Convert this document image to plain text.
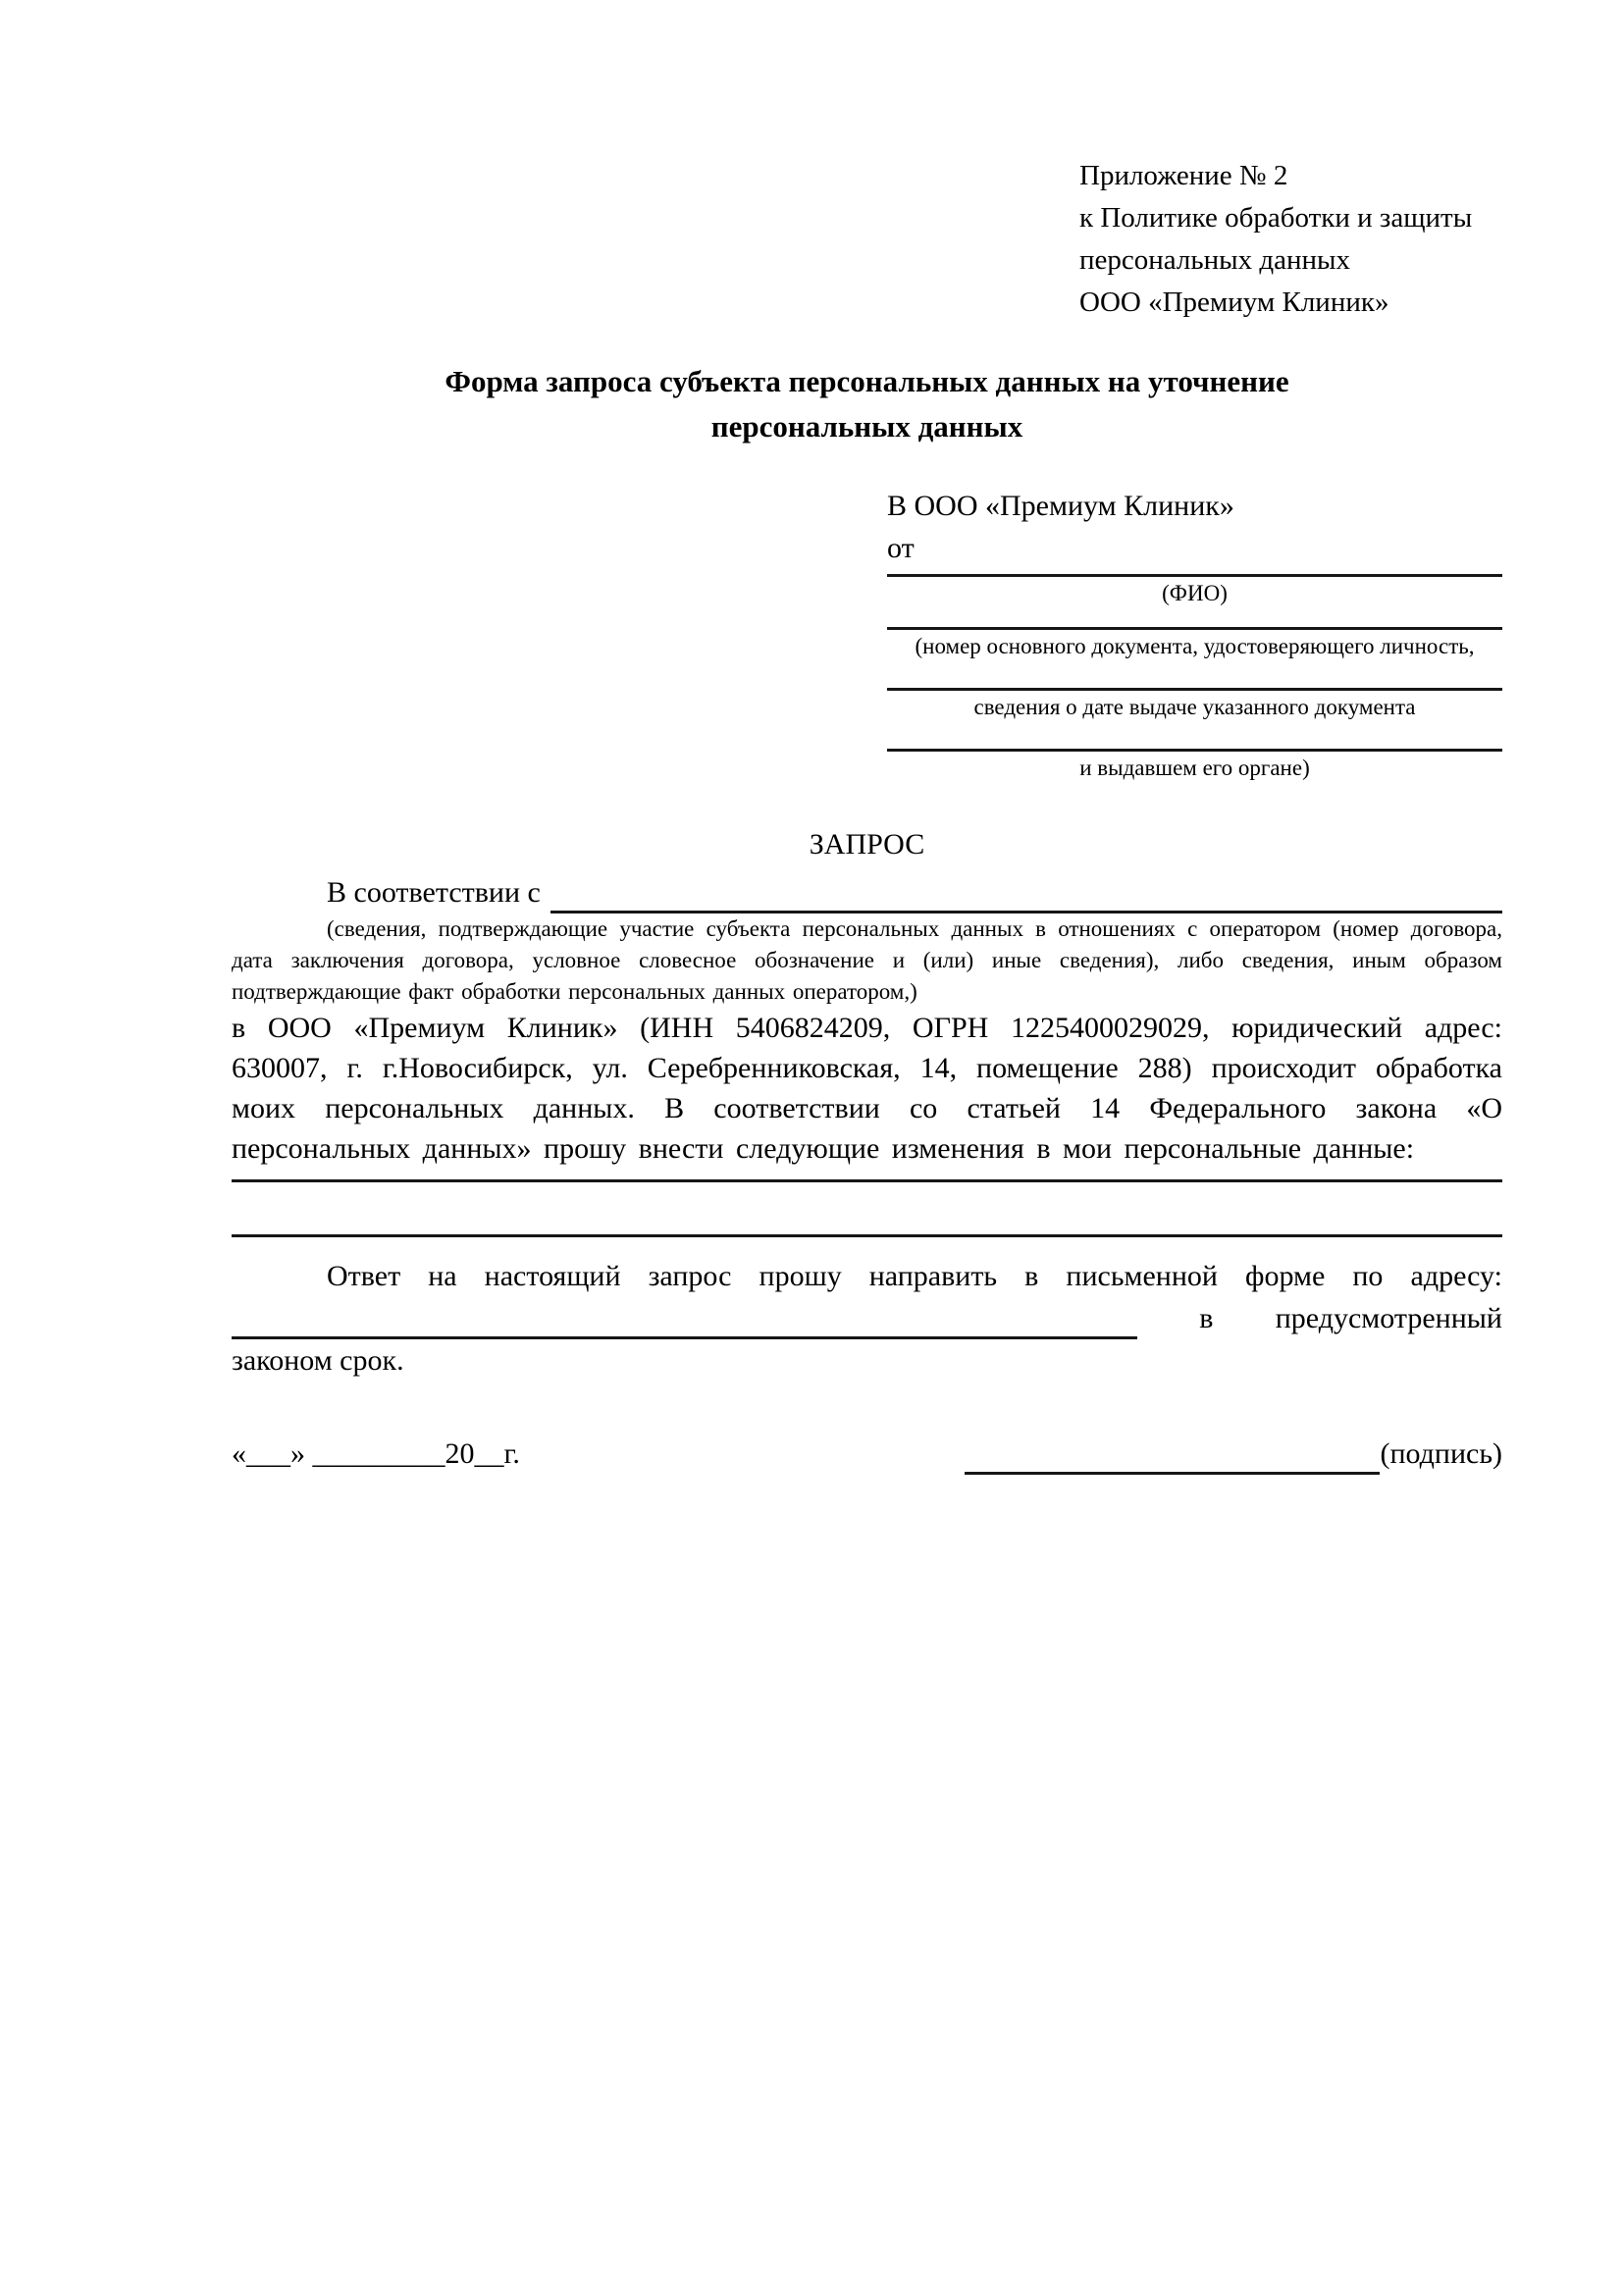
Приложение № 2
к Политике обработки и защиты
персональных данных
ООО «Премиум Клиник»
Форма запроса субъекта персональных данных на уточнение
персональных данных
В ООО «Премиум Клиник»
от
(ФИО)
(номер основного документа, удостоверяющего личность,
сведения о дате выдаче указанного документа
и выдавшем его органе)
ЗАПРОС
В соответствии с
(сведения, подтверждающие участие субъекта персональных данных в отношениях с оператором (номер договора, дата заключения договора, условное словесное обозначение и (или) иные сведения), либо сведения, иным образом подтверждающие факт обработки персональных данных оператором,)
в ООО «Премиум Клиник» (ИНН 5406824209, ОГРН 1225400029029, юридический адрес: 630007, г. г.Новосибирск, ул. Серебренниковская, 14, помещение 288) происходит обработка моих персональных данных. В соответствии со статьей 14 Федерального закона «О персональных данных» прошу внести следующие изменения в мои персональные данные:
Ответ на настоящий запрос прошу направить в письменной форме по адресу:
в предусмотренный
законом срок.
«___» _________20__г.	(подпись)
